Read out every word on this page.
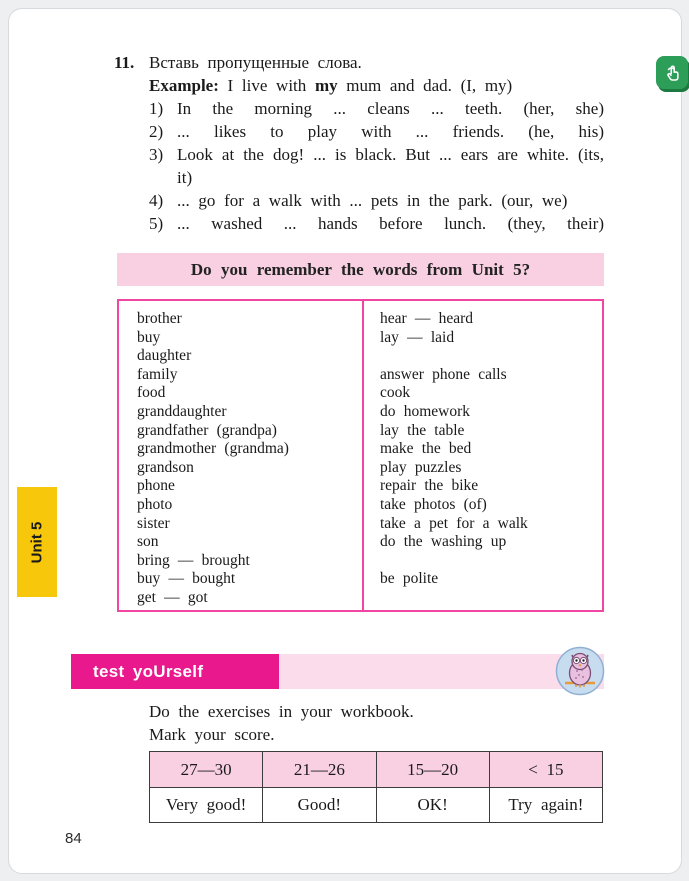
11. Вставь пропущенные слова.
Example: I live with my mum and dad. (I, my)
1) In the morning ... cleans ... teeth. (her, she)
2) ... likes to play with ... friends. (he, his)
3) Look at the dog! ... is black. But ... ears are white. (its, it)
4) ... go for a walk with ... pets in the park. (our, we)
5) ... washed ... hands before lunch. (they, their)
Do you remember the words from Unit 5?
brother
buy
daughter
family
food
granddaughter
grandfather (grandpa)
grandmother (grandma)
grandson
phone
photo
sister
son
bring — brought
buy — bought
get — got
hear — heard
lay — laid
answer phone calls
cook
do homework
lay the table
make the bed
play puzzles
repair the bike
take photos (of)
take a pet for a walk
do the washing up
be polite
Unit 5
test yoUrself
Do the exercises in your workbook.
Mark your score.
27—30	21—26	15—20	< 15
Very good!	Good!	OK!	Try again!
84
